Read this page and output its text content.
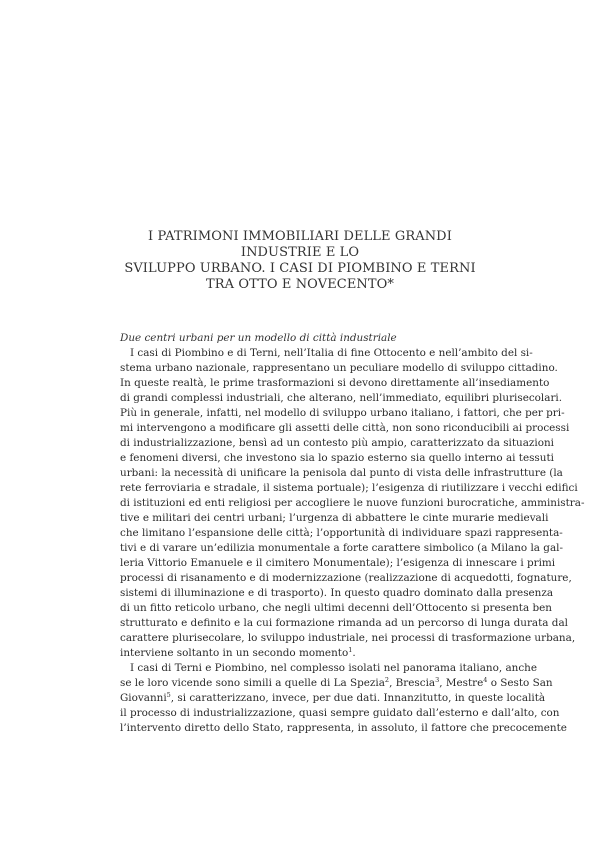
I PATRIMONI IMMOBILIARI DELLE GRANDI INDUSTRIE E LO
SVILUPPO URBANO. I CASI DI PIOMBINO E TERNI
TRA OTTO E NOVECENTO*
Due centri urbani per un modello di città industriale
I casi di Piombino e di Terni, nell’Italia di fine Ottocento e nell’ambito del si-
stema urbano nazionale, rappresentano un peculiare modello di sviluppo cittadino.
In queste realtà, le prime trasformazioni si devono direttamente all’insediamento
di grandi complessi industriali, che alterano, nell’immediato, equilibri plurisecolari.
Più in generale, infatti, nel modello di sviluppo urbano italiano, i fattori, che per pri-
mi intervengono a modificare gli assetti delle città, non sono riconducibili ai processi
di industrializzazione, bensì ad un contesto più ampio, caratterizzato da situazioni
e fenomeni diversi, che investono sia lo spazio esterno sia quello interno ai tessuti
urbani: la necessità di unificare la penisola dal punto di vista delle infrastrutture (la
rete ferroviaria e stradale, il sistema portuale); l’esigenza di riutilizzare i vecchi edifici
di istituzioni ed enti religiosi per accogliere le nuove funzioni burocratiche, amministra-
tive e militari dei centri urbani; l’urgenza di abbattere le cinte murarie medievali
che limitano l’espansione delle città; l’opportunità di individuare spazi rappresenta-
tivi e di varare un’edilizia monumentale a forte carattere simbolico (a Milano la gal-
leria Vittorio Emanuele e il cimitero Monumentale); l’esigenza di innescare i primi
processi di risanamento e di modernizzazione (realizzazione di acquedotti, fognature,
sistemi di illuminazione e di trasporto). In questo quadro dominato dalla presenza
di un fitto reticolo urbano, che negli ultimi decenni dell’Ottocento si presenta ben
strutturato e definito e la cui formazione rimanda ad un percorso di lunga durata dal
carattere plurisecolare, lo sviluppo industriale, nei processi di trasformazione urbana,
interviene soltanto in un secondo momento$^1$.
I casi di Terni e Piombino, nel complesso isolati nel panorama italiano, anche
se le loro vicende sono simili a quelle di La Spezia$^2$, Brescia$^3$, Mestre$^4$ o Sesto San
Giovanni$^5$, si caratterizzano, invece, per due dati. Innanzitutto, in queste località
il processo di industrializzazione, quasi sempre guidato dall’esterno e dall’alto, con
l’intervento diretto dello Stato, rappresenta, in assoluto, il fattore che precocemente
